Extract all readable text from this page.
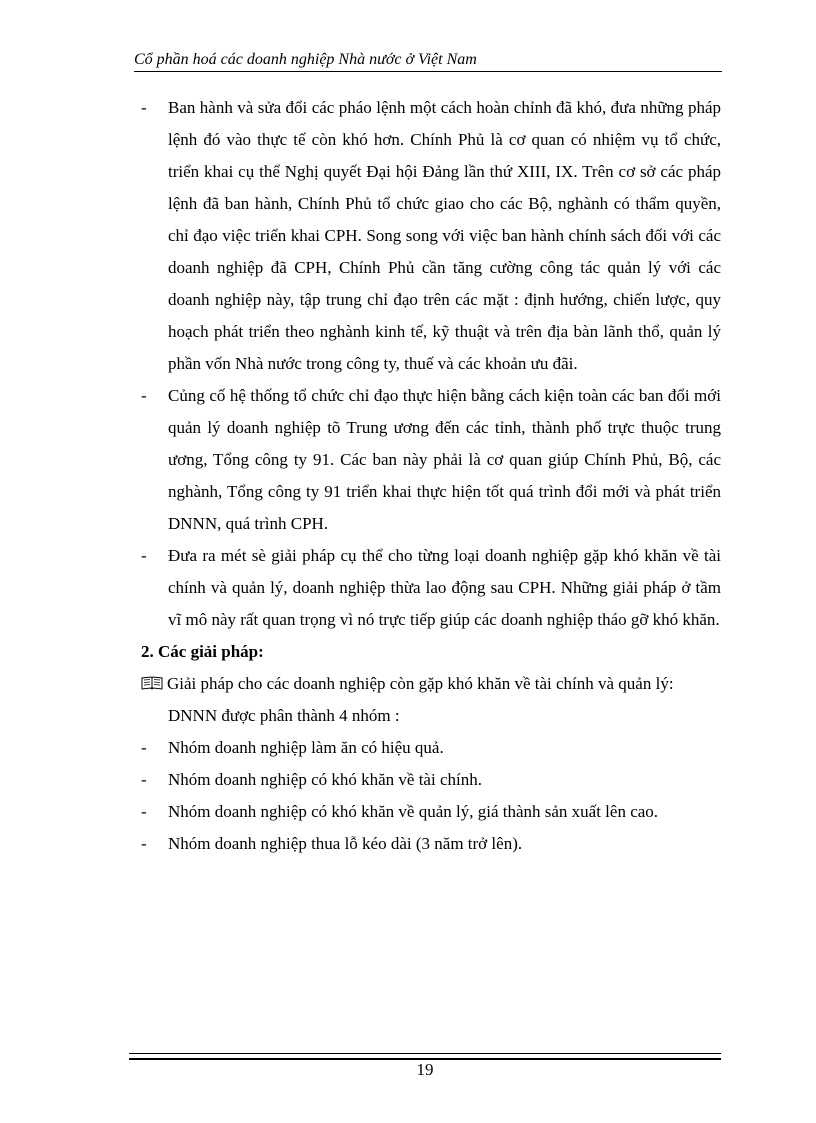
Cổ phần hoá các doanh nghiệp Nhà nước ở Việt Nam
-	Ban hành và sửa đổi các pháo lệnh một cách hoàn chỉnh đã khó, đưa những pháp lệnh đó vào thực tế còn khó hơn. Chính Phủ là cơ quan có nhiệm vụ tổ chức, triển khai cụ thể Nghị quyết Đại hội Đảng lần thứ XIII, IX. Trên cơ sở các pháp lệnh đã ban hành, Chính Phủ tổ chức giao cho các Bộ, nghành có thẩm quyền, chỉ đạo việc triển khai CPH. Song song với việc ban hành chính sách đối với các doanh nghiệp đã CPH, Chính Phủ cần tăng cường công tác quản lý với các doanh nghiệp này, tập trung chỉ đạo trên các mặt : định hướng, chiến lược, quy hoạch phát triển theo nghành kinh tế, kỹ thuật và trên địa bàn lãnh thổ, quản lý phần vốn Nhà nước trong công ty, thuế và các khoản ưu đãi.
-	Củng cố hệ thống tổ chức chỉ đạo thực hiện bằng cách kiện toàn các ban đổi mới quản lý doanh nghiệp tõ Trung ương đến các tỉnh, thành phố trực thuộc trung ương, Tổng công ty 91. Các ban này phải là cơ quan giúp Chính Phủ, Bộ, các nghành, Tổng công ty 91 triển khai thực hiện tốt quá trình đổi mới và phát triển DNNN, quá trình CPH.
-	Đưa ra mét sè giải pháp cụ thể cho từng loại doanh nghiệp gặp khó khăn về tài chính và quản lý, doanh nghiệp thừa lao động sau CPH. Những giải pháp ở tầm vĩ mô này rất quan trọng vì nó trực tiếp giúp các doanh nghiệp tháo gỡ khó khăn.
2. Các giải pháp:
Giải pháp cho các doanh nghiệp còn gặp khó khăn về tài chính và quản lý:
DNNN được phân thành 4 nhóm :
-	Nhóm doanh nghiệp làm ăn có hiệu quả.
-	Nhóm doanh nghiệp có khó khăn về tài chính.
-	Nhóm doanh nghiệp có khó khăn về quản lý, giá thành sản xuất lên cao.
-	Nhóm doanh nghiệp thua lỗ kéo dài (3 năm trở lên).
19
